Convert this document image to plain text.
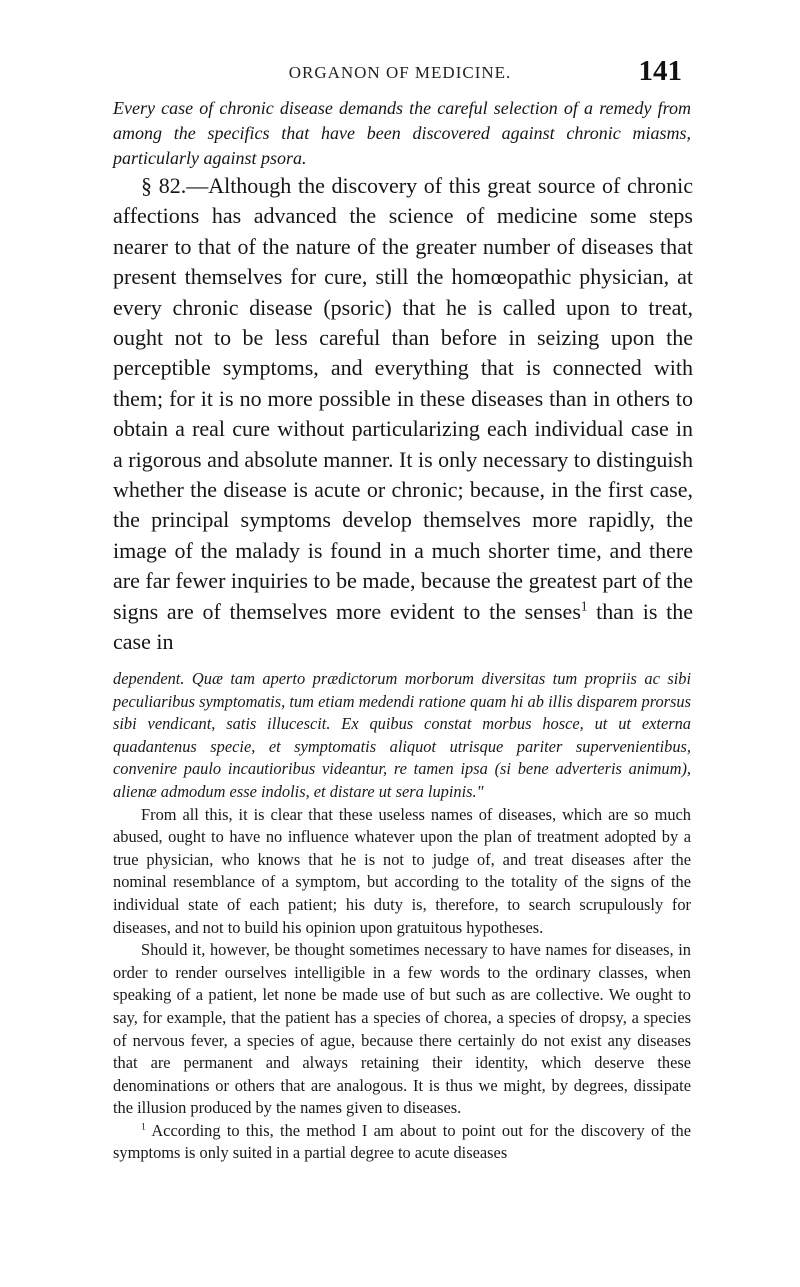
ORGANON OF MEDICINE.	141

Every case of chronic disease demands the careful selection of a remedy from among the specifics that have been discovered against chronic miasms, particularly against psora.

§ 82.—Although the discovery of this great source of chronic affections has advanced the science of medicine some steps nearer to that of the nature of the greater number of diseases that present themselves for cure, still the homœopathic physician, at every chronic disease (psoric) that he is called upon to treat, ought not to be less careful than before in seizing upon the perceptible symptoms, and everything that is connected with them; for it is no more possible in these diseases than in others to obtain a real cure without particularizing each individual case in a rigorous and absolute manner. It is only necessary to distinguish whether the disease is acute or chronic; because, in the first case, the principal symptoms develop themselves more rapidly, the image of the malady is found in a much shorter time, and there are far fewer inquiries to be made, because the greatest part of the signs are of themselves more evident to the senses$^1$ than is the case in

dependent. Quæ tam aperto prædictorum morborum diversitas tum propriis ac sibi peculiaribus symptomatis, tum etiam medendi ratione quam hi ab illis disparem prorsus sibi vendicant, satis illucescit. Ex quibus constat morbus hosce, ut ut externa quadantenus specie, et symptomatis aliquot utrisque pariter supervenientibus, convenire paulo incautioribus videantur, re tamen ipsa (si bene adverteris animum), alienæ admodum esse indolis, et distare ut sera lupinis."

From all this, it is clear that these useless names of diseases, which are so much abused, ought to have no influence whatever upon the plan of treatment adopted by a true physician, who knows that he is not to judge of, and treat diseases after the nominal resemblance of a symptom, but according to the totality of the signs of the individual state of each patient; his duty is, therefore, to search scrupulously for diseases, and not to build his opinion upon gratuitous hypotheses.

Should it, however, be thought sometimes necessary to have names for diseases, in order to render ourselves intelligible in a few words to the ordinary classes, when speaking of a patient, let none be made use of but such as are collective. We ought to say, for example, that the patient has a species of chorea, a species of dropsy, a species of nervous fever, a species of ague, because there certainly do not exist any diseases that are permanent and always retaining their identity, which deserve these denominations or others that are analogous. It is thus we might, by degrees, dissipate the illusion produced by the names given to diseases.

$^1$ According to this, the method I am about to point out for the discovery of the symptoms is only suited in a partial degree to acute diseases
